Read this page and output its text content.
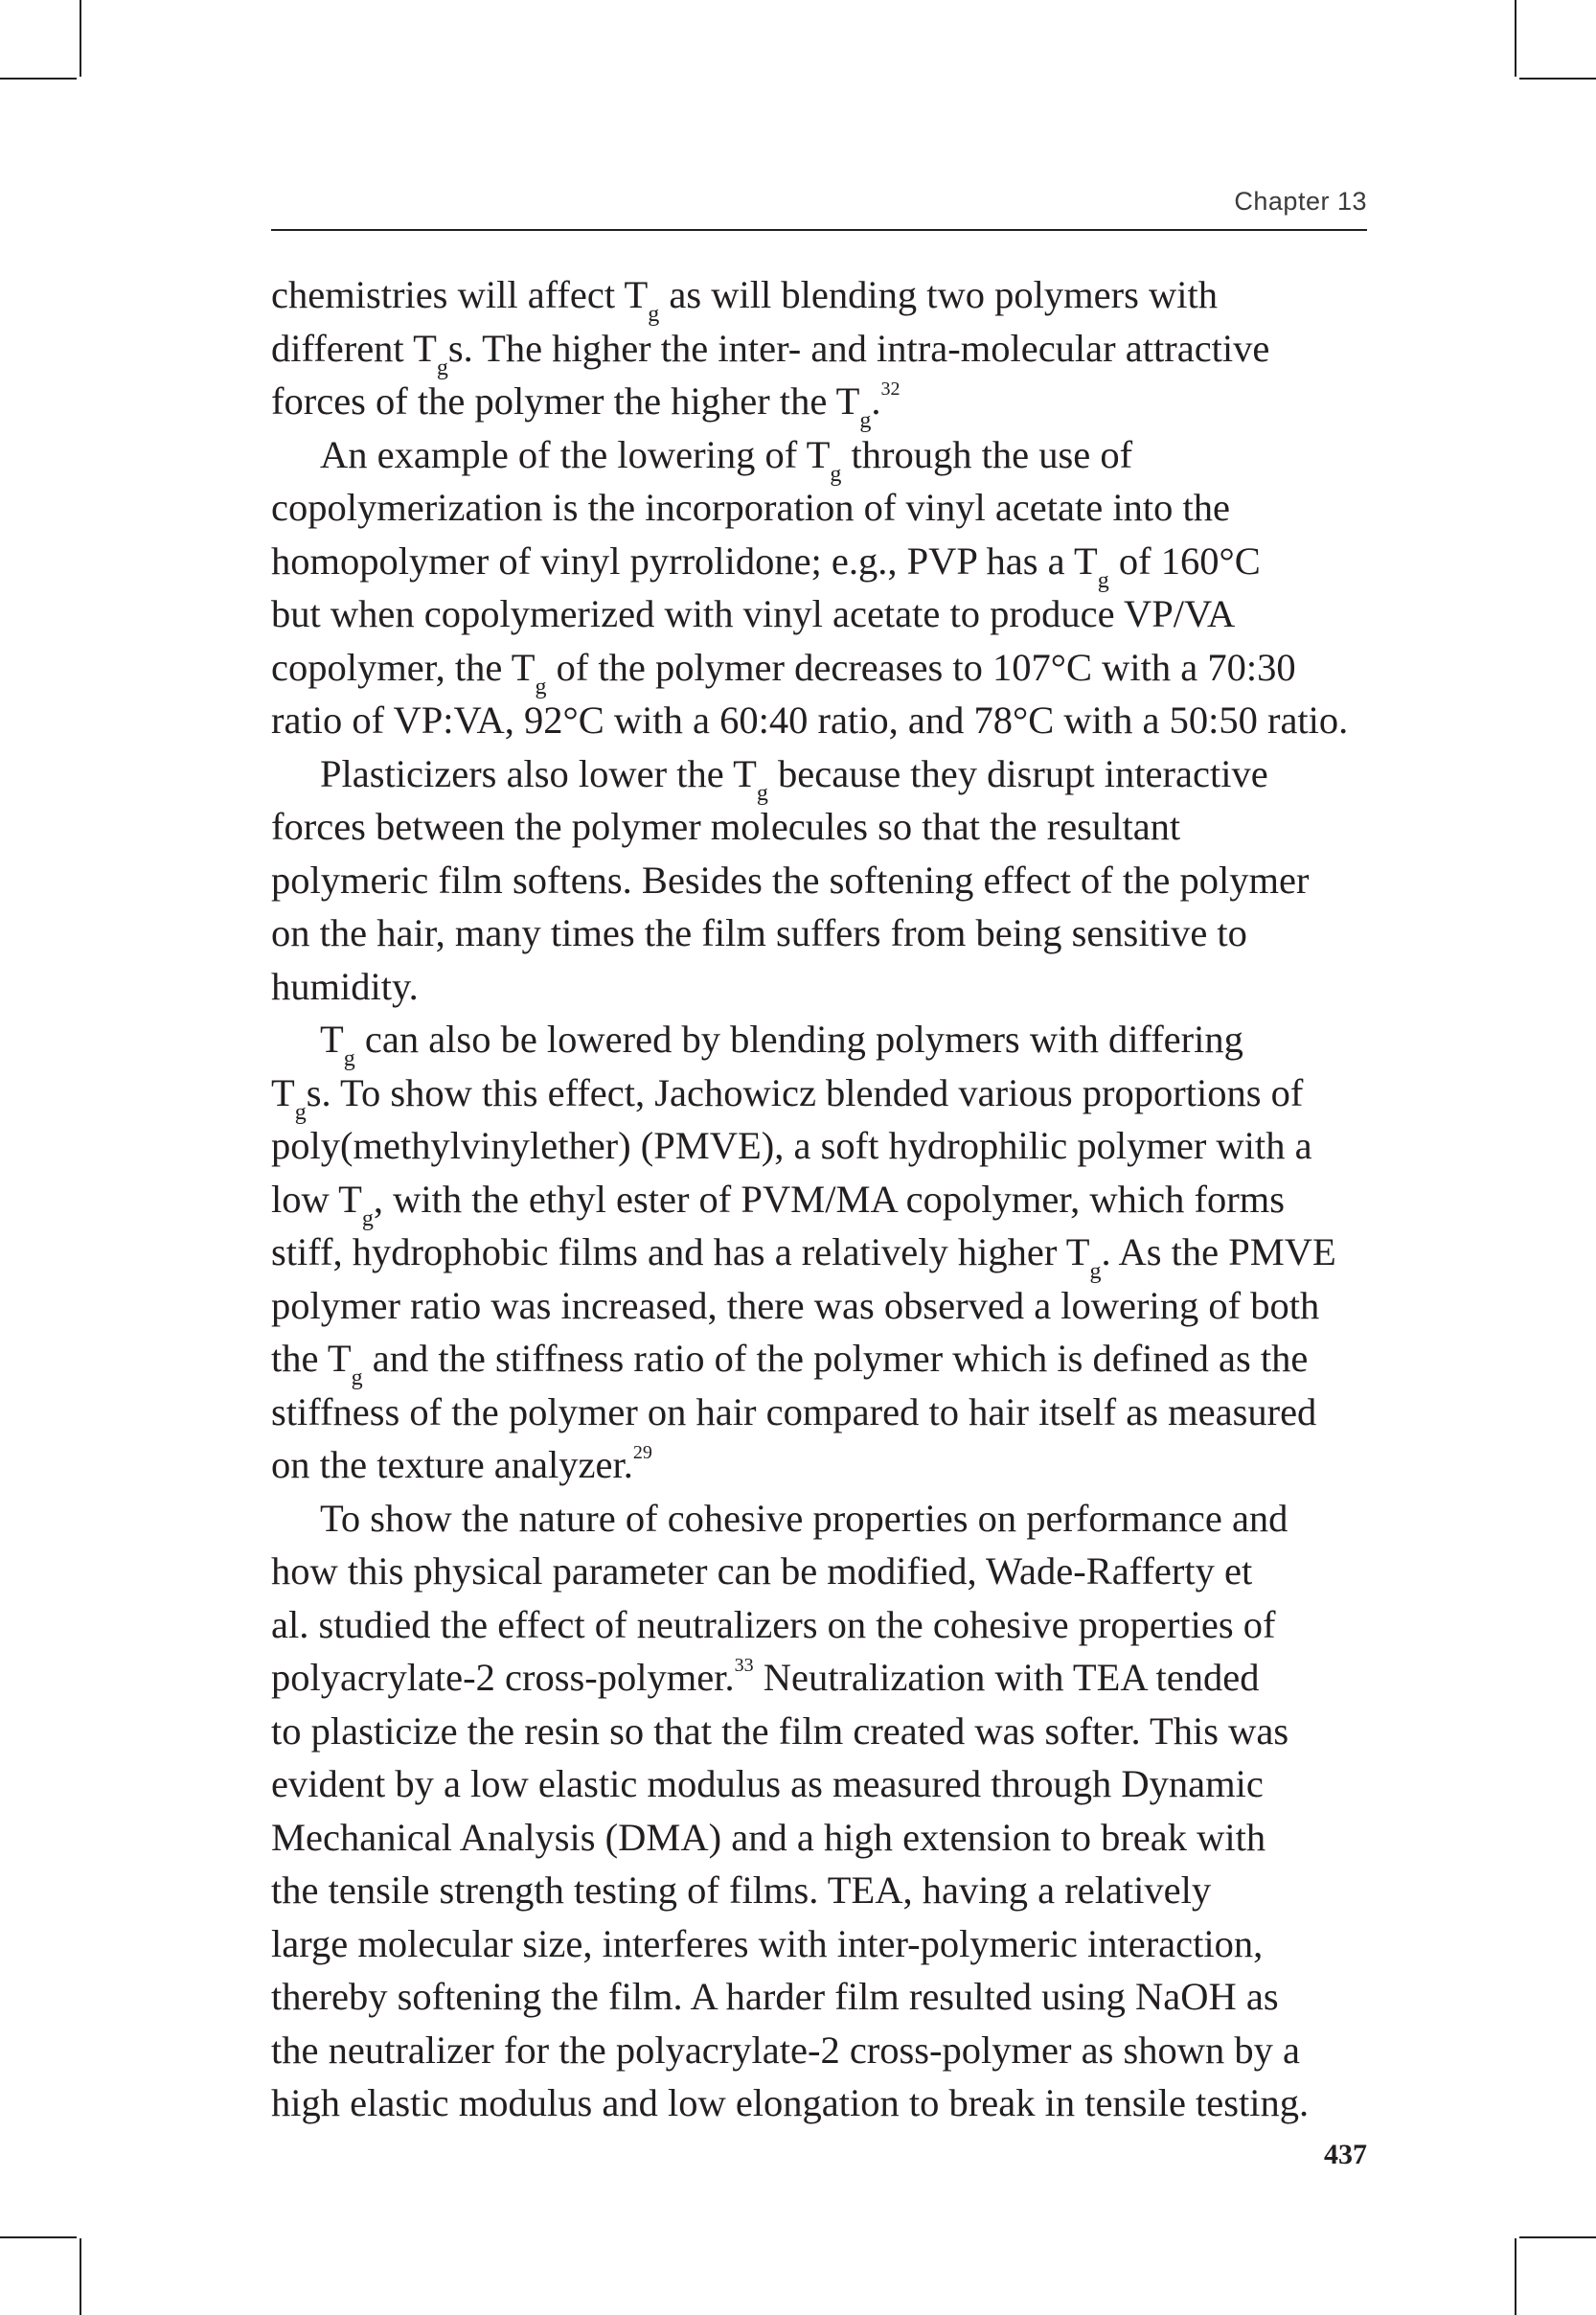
Chapter 13
chemistries will affect $T_g$ as will blending two polymers with
different $T_gs$. The higher the inter- and intra-molecular attractive
forces of the polymer the higher the $T_g.^{32}$
An example of the lowering of $T_g$ through the use of
copolymerization is the incorporation of vinyl acetate into the
homopolymer of vinyl pyrrolidone; e.g., PVP has a $T_g$ of 160°C
but when copolymerized with vinyl acetate to produce VP/VA
copolymer, the $T_g$ of the polymer decreases to 107°C with a 70:30
ratio of VP:VA, 92°C with a 60:40 ratio, and 78°C with a 50:50 ratio.
Plasticizers also lower the $T_g$ because they disrupt interactive
forces between the polymer molecules so that the resultant
polymeric film softens. Besides the softening effect of the polymer
on the hair, many times the film suffers from being sensitive to
humidity.
$T_g$ can also be lowered by blending polymers with differing
$T_gs$. To show this effect, Jachowicz blended various proportions of
poly(methylvinylether) (PMVE), a soft hydrophilic polymer with a
low $T_g$, with the ethyl ester of PVM/MA copolymer, which forms
stiff, hydrophobic films and has a relatively higher $T_g$. As the PMVE
polymer ratio was increased, there was observed a lowering of both
the $T_g$ and the stiffness ratio of the polymer which is defined as the
stiffness of the polymer on hair compared to hair itself as measured
on the texture analyzer.$^{29}$
To show the nature of cohesive properties on performance and
how this physical parameter can be modified, Wade-Rafferty et
al. studied the effect of neutralizers on the cohesive properties of
polyacrylate-2 cross-polymer.$^{33}$ Neutralization with TEA tended
to plasticize the resin so that the film created was softer. This was
evident by a low elastic modulus as measured through Dynamic
Mechanical Analysis (DMA) and a high extension to break with
the tensile strength testing of films. TEA, having a relatively
large molecular size, interferes with inter-polymeric interaction,
thereby softening the film. A harder film resulted using NaOH as
the neutralizer for the polyacrylate-2 cross-polymer as shown by a
high elastic modulus and low elongation to break in tensile testing.
437
